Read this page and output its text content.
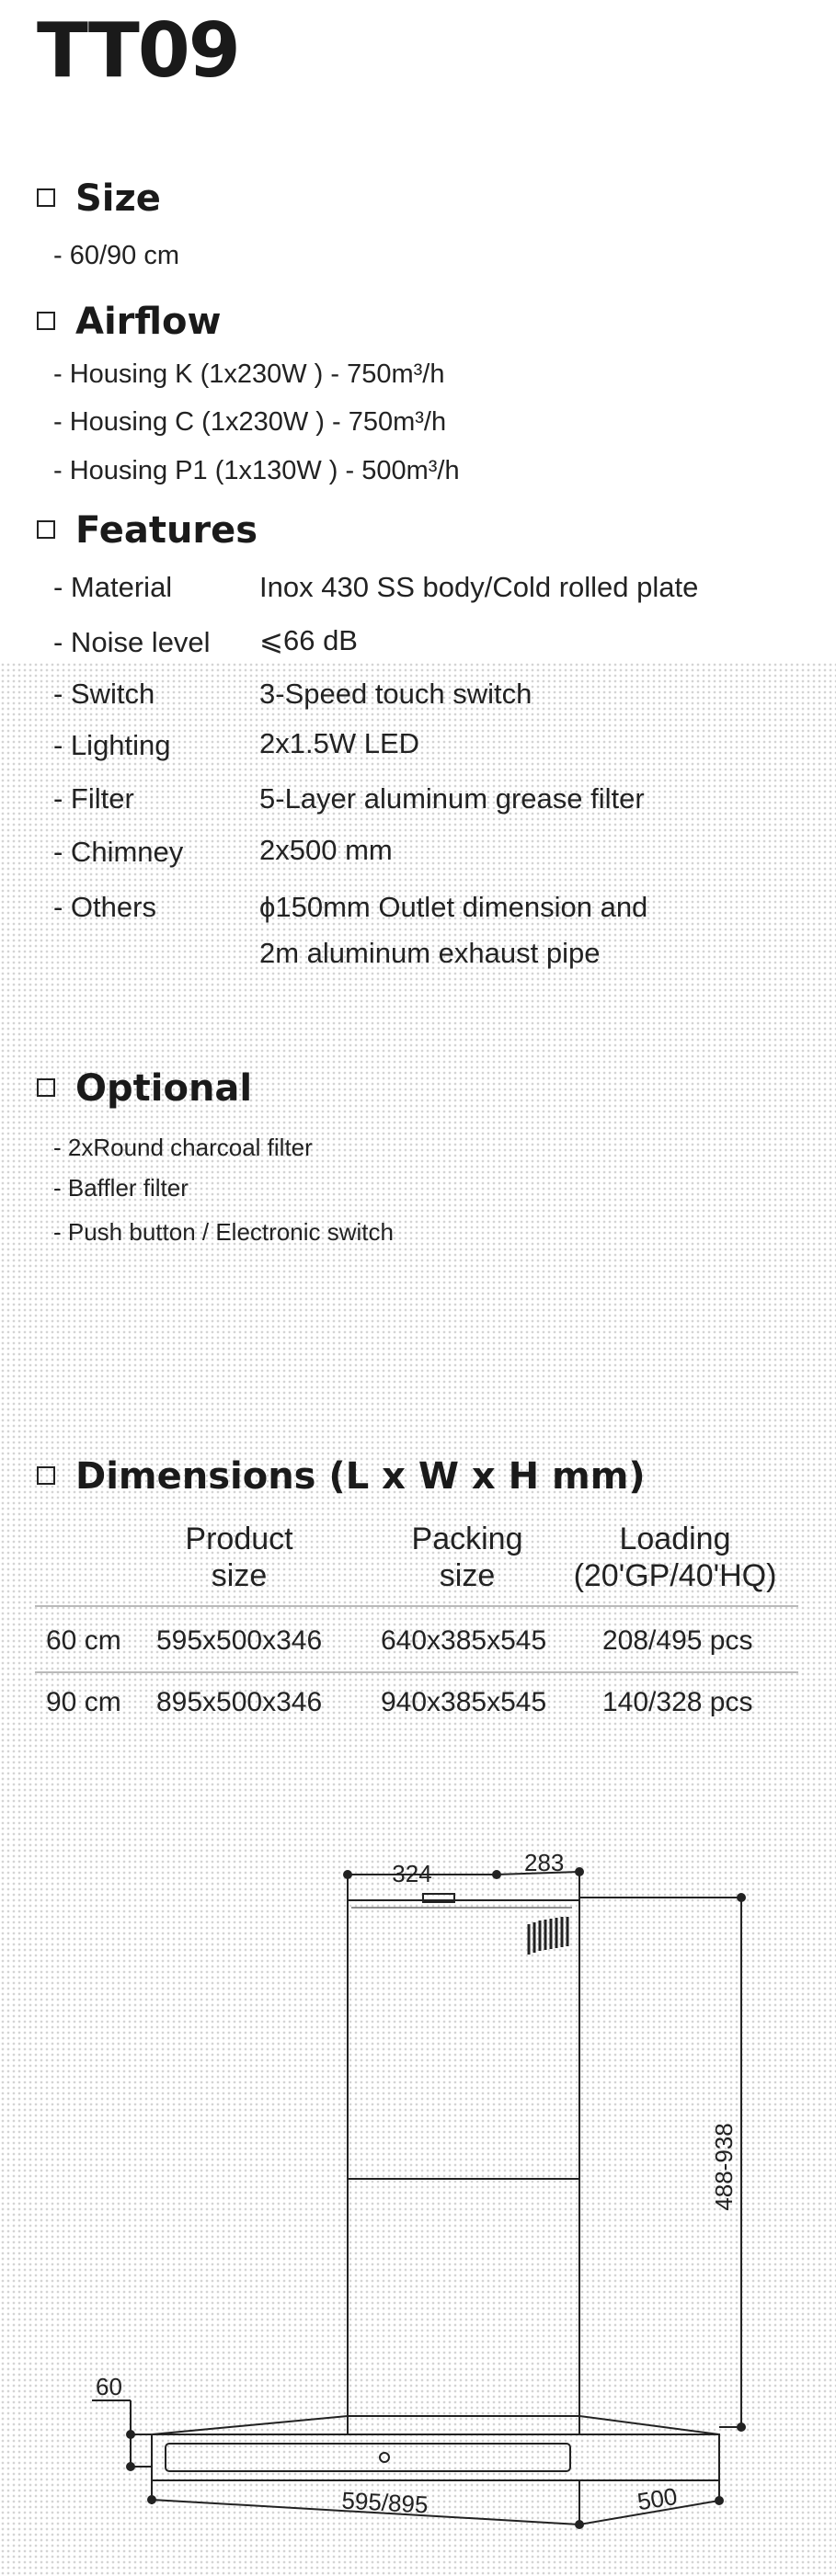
TT09
Size
- 60/90 cm
Airflow
- Housing K (1x230W ) - 750m³/h
- Housing C (1x230W ) - 750m³/h
- Housing P1 (1x130W ) - 500m³/h
Features
- Material	Inox 430 SS body/Cold rolled plate
- Noise level ⩽66 dB
- Switch	3-Speed touch switch
- Lighting	2x1.5W LED
- Filter	5-Layer aluminum grease filter
- Chimney	2x500 mm
- Others	ϕ150mm Outlet dimension and
2m aluminum exhaust pipe
Optional
- 2xRound charcoal filter
- Baffler filter
- Push button / Electronic switch
Dimensions (L x W x H mm)
Product
size
Packing
size
Loading
(20'GP/40'HQ)
60 cm 595x500x346 640x385x545 208/495 pcs
90 cm 895x500x346 940x385x545 140/328 pcs
324	283
488-938
60
595/895	500
